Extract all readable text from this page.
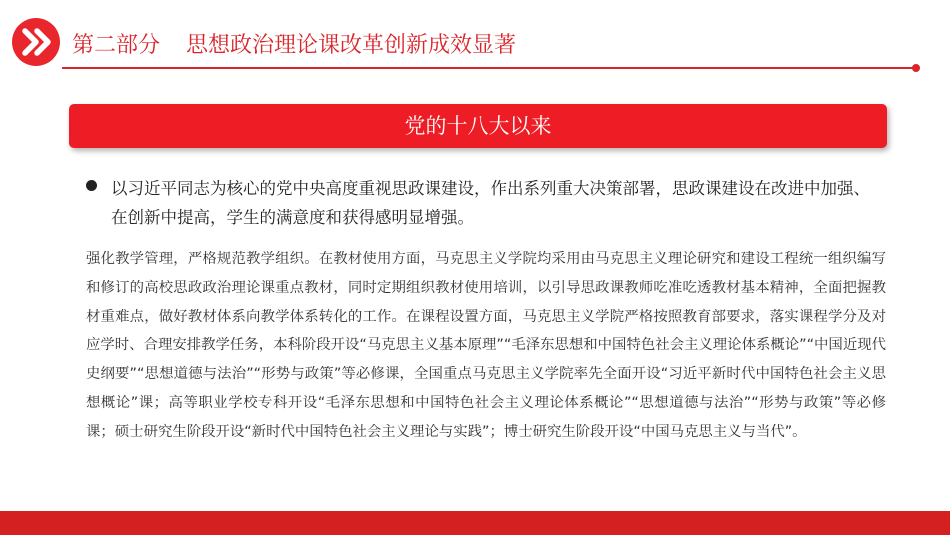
第二部分 思想政治理论课改革创新成效显著
党的十八大以来
以习近平同志为核心的党中央高度重视思政课建设，作出系列重大决策部署，思政课建设在改进中加强、在创新中提高，学生的满意度和获得感明显增强。
强化教学管理，严格规范教学组织。在教材使用方面，马克思主义学院均采用由马克思主义理论研究和建设工程统一组织编写和修订的高校思政政治理论课重点教材，同时定期组织教材使用培训，以引导思政课教师吃准吃透教材基本精神，全面把握教材重难点，做好教材体系向教学体系转化的工作。在课程设置方面，马克思主义学院严格按照教育部要求，落实课程学分及对应学时、合理安排教学任务，本科阶段开设“马克思主义基本原理”“毛泽东思想和中国特色社会主义理论体系概论”“中国近现代史纲要”“思想道德与法治”“形势与政策”等必修课，全国重点马克思主义学院率先全面开设“习近平新时代中国特色社会主义思想概论”课；高等职业学校专科开设“毛泽东思想和中国特色社会主义理论体系概论”“思想道德与法治”“形势与政策”等必修课；硕士研究生阶段开设“新时代中国特色社会主义理论与实践”；博士研究生阶段开设“中国马克思主义与当代”。
